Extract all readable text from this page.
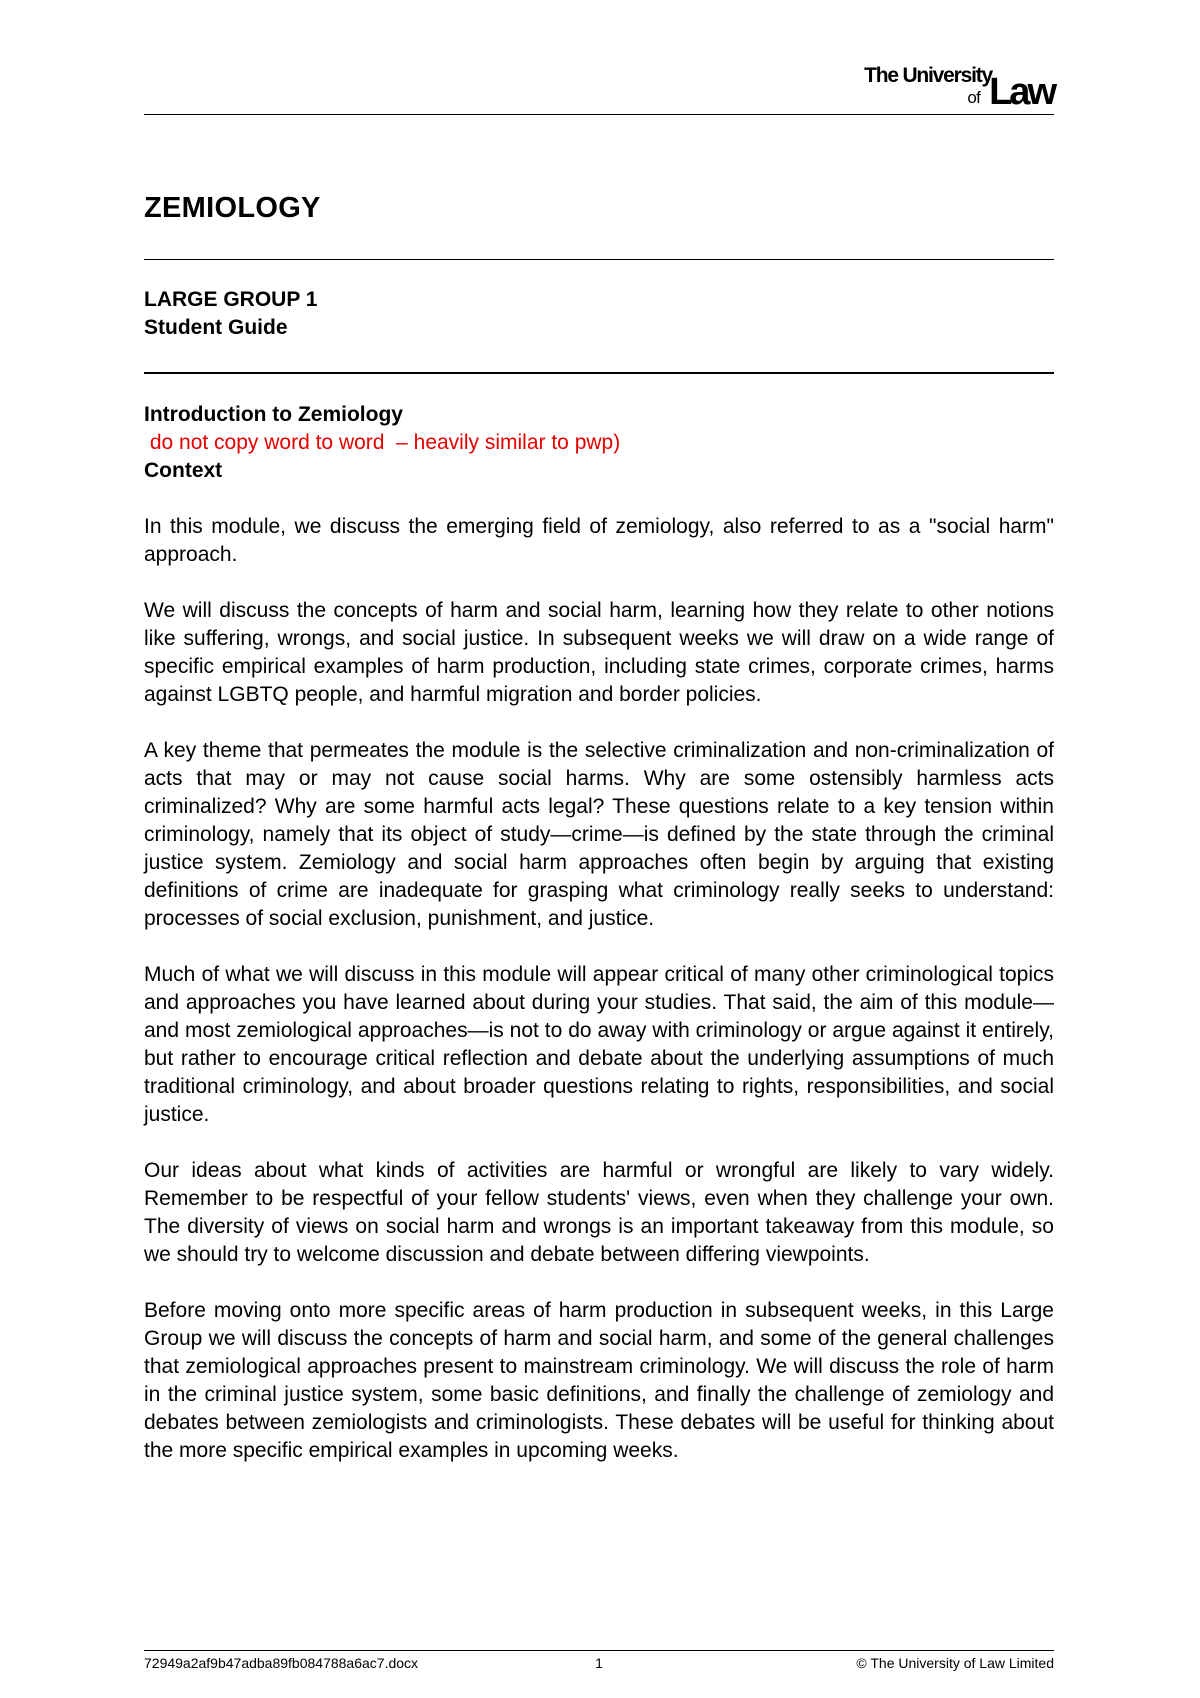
The University
of Law
ZEMIOLOGY
LARGE GROUP 1
Student Guide

Introduction to Zemiology

do not copy word to word  – heavily similar to pwp)

Context

In this module, we discuss the emerging field of zemiology, also referred to as a "social harm" approach.

We will discuss the concepts of harm and social harm, learning how they relate to other notions like suffering, wrongs, and social justice. In subsequent weeks we will draw on a wide range of specific empirical examples of harm production, including state crimes, corporate crimes, harms against LGBTQ people, and harmful migration and border policies.

A key theme that permeates the module is the selective criminalization and non-criminalization of acts that may or may not cause social harms. Why are some ostensibly harmless acts criminalized? Why are some harmful acts legal? These questions relate to a key tension within criminology, namely that its object of study—crime—is defined by the state through the criminal justice system. Zemiology and social harm approaches often begin by arguing that existing definitions of crime are inadequate for grasping what criminology really seeks to understand: processes of social exclusion, punishment, and justice.

Much of what we will discuss in this module will appear critical of many other criminological topics and approaches you have learned about during your studies. That said, the aim of this module—and most zemiological approaches—is not to do away with criminology or argue against it entirely, but rather to encourage critical reflection and debate about the underlying assumptions of much traditional criminology, and about broader questions relating to rights, responsibilities, and social justice.

Our ideas about what kinds of activities are harmful or wrongful are likely to vary widely. Remember to be respectful of your fellow students' views, even when they challenge your own. The diversity of views on social harm and wrongs is an important takeaway from this module, so we should try to welcome discussion and debate between differing viewpoints.

Before moving onto more specific areas of harm production in subsequent weeks, in this Large Group we will discuss the concepts of harm and social harm, and some of the general challenges that zemiological approaches present to mainstream criminology. We will discuss the role of harm in the criminal justice system, some basic definitions, and finally the challenge of zemiology and debates between zemiologists and criminologists. These debates will be useful for thinking about the more specific empirical examples in upcoming weeks.

72949a2af9b47adba89fb084788a6ac7.docx	1	© The University of Law Limited
